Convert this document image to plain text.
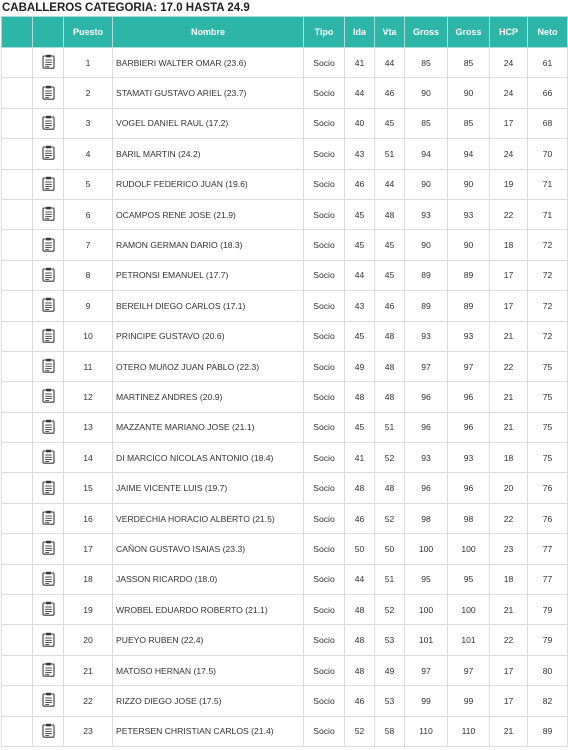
CABALLEROS CATEGORIA: 17.0 HASTA 24.9
		Puesto	Nombre	Tipo	Ida	Vta	Gross	Gross	HCP	Neto
		1	BARBIERI WALTER OMAR (23.6)	Socio	41	44	85	85	24	61
		2	STAMATI GUSTAVO ARIEL (23.7)	Socio	44	46	90	90	24	66
		3	VOGEL DANIEL RAUL (17.2)	Socio	40	45	85	85	17	68
		4	BARIL MARTIN (24.2)	Socio	43	51	94	94	24	70
		5	RUDOLF FEDERICO JUAN (19.6)	Socio	46	44	90	90	19	71
		6	OCAMPOS RENE JOSE (21.9)	Socio	45	48	93	93	22	71
		7	RAMON GERMAN DARIO (18.3)	Socio	45	45	90	90	18	72
		8	PETRONSI EMANUEL (17.7)	Socio	44	45	89	89	17	72
		9	BEREILH DIEGO CARLOS (17.1)	Socio	43	46	89	89	17	72
		10	PRINCIPE GUSTAVO (20.6)	Socio	45	48	93	93	21	72
		11	OTERO MUñOZ JUAN PABLO (22.3)	Socio	49	48	97	97	22	75
		12	MARTINEZ ANDRES (20.9)	Socio	48	48	96	96	21	75
		13	MAZZANTE MARIANO JOSE (21.1)	Socio	45	51	96	96	21	75
		14	DI MARCICO NICOLAS ANTONIO (18.4)	Socio	41	52	93	93	18	75
		15	JAIME VICENTE LUIS (19.7)	Socio	48	48	96	96	20	76
		16	VERDECHIA HORACIO ALBERTO (21.5)	Socio	46	52	98	98	22	76
		17	CAÑON GUSTAVO ISAIAS (23.3)	Socio	50	50	100	100	23	77
		18	JASSON RICARDO (18.0)	Socio	44	51	95	95	18	77
		19	WROBEL EDUARDO ROBERTO (21.1)	Socio	48	52	100	100	21	79
		20	PUEYO RUBEN (22.4)	Socio	48	53	101	101	22	79
		21	MATOSO HERNAN (17.5)	Socio	48	49	97	97	17	80
		22	RIZZO DIEGO JOSE (17.5)	Socio	46	53	99	99	17	82
		23	PETERSEN CHRISTIAN CARLOS (21.4)	Socio	52	58	110	110	21	89
